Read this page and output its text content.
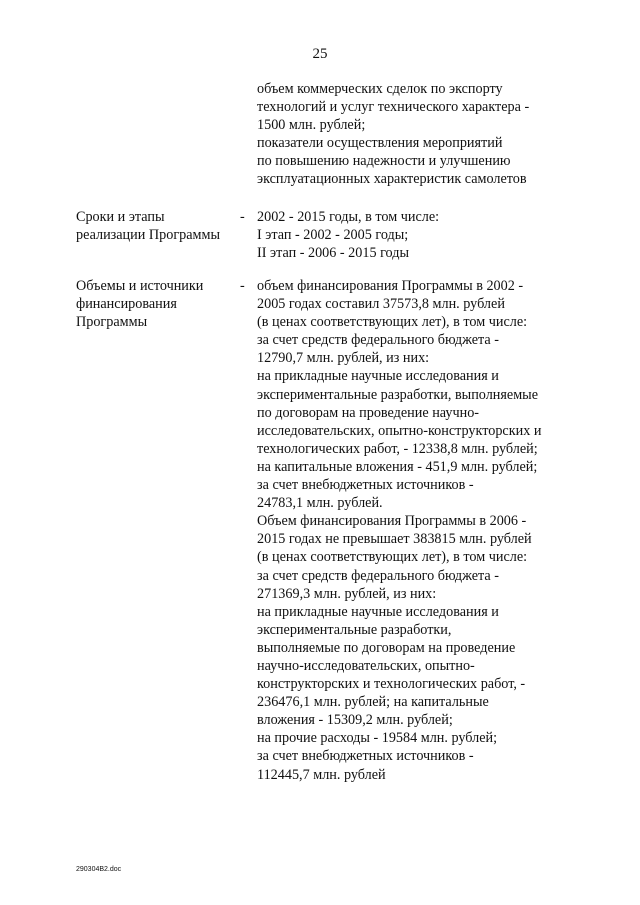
25
объем коммерческих сделок по экспорту
технологий и услуг технического характера -
1500 млн. рублей;
показатели осуществления мероприятий
по повышению надежности и улучшению
эксплуатационных характеристик самолетов
Сроки и этапы
реализации Программы
- 2002 - 2015 годы, в том числе:
I этап - 2002 - 2005 годы;
II этап - 2006 - 2015 годы
Объемы и источники
финансирования
Программы
- объем финансирования Программы в 2002 -
2005 годах составил 37573,8 млн. рублей
(в ценах соответствующих лет), в том числе:
за счет средств федерального бюджета -
12790,7 млн. рублей, из них:
на прикладные научные исследования и
экспериментальные разработки, выполняемые
по договорам на проведение научно-
исследовательских, опытно-конструкторских и
технологических работ, - 12338,8 млн. рублей;
на капитальные вложения - 451,9 млн. рублей;
за счет внебюджетных источников -
24783,1 млн. рублей.
Объем финансирования Программы в 2006 -
2015 годах не превышает 383815 млн. рублей
(в ценах соответствующих лет), в том числе:
за счет средств федерального бюджета -
271369,3 млн. рублей, из них:
на прикладные научные исследования и
экспериментальные разработки,
выполняемые по договорам на проведение
научно-исследовательских, опытно-
конструкторских и технологических работ, -
236476,1 млн. рублей; на капитальные
вложения - 15309,2 млн. рублей;
на прочие расходы - 19584 млн. рублей;
за счет внебюджетных источников -
112445,7 млн. рублей
290304B2.doc
